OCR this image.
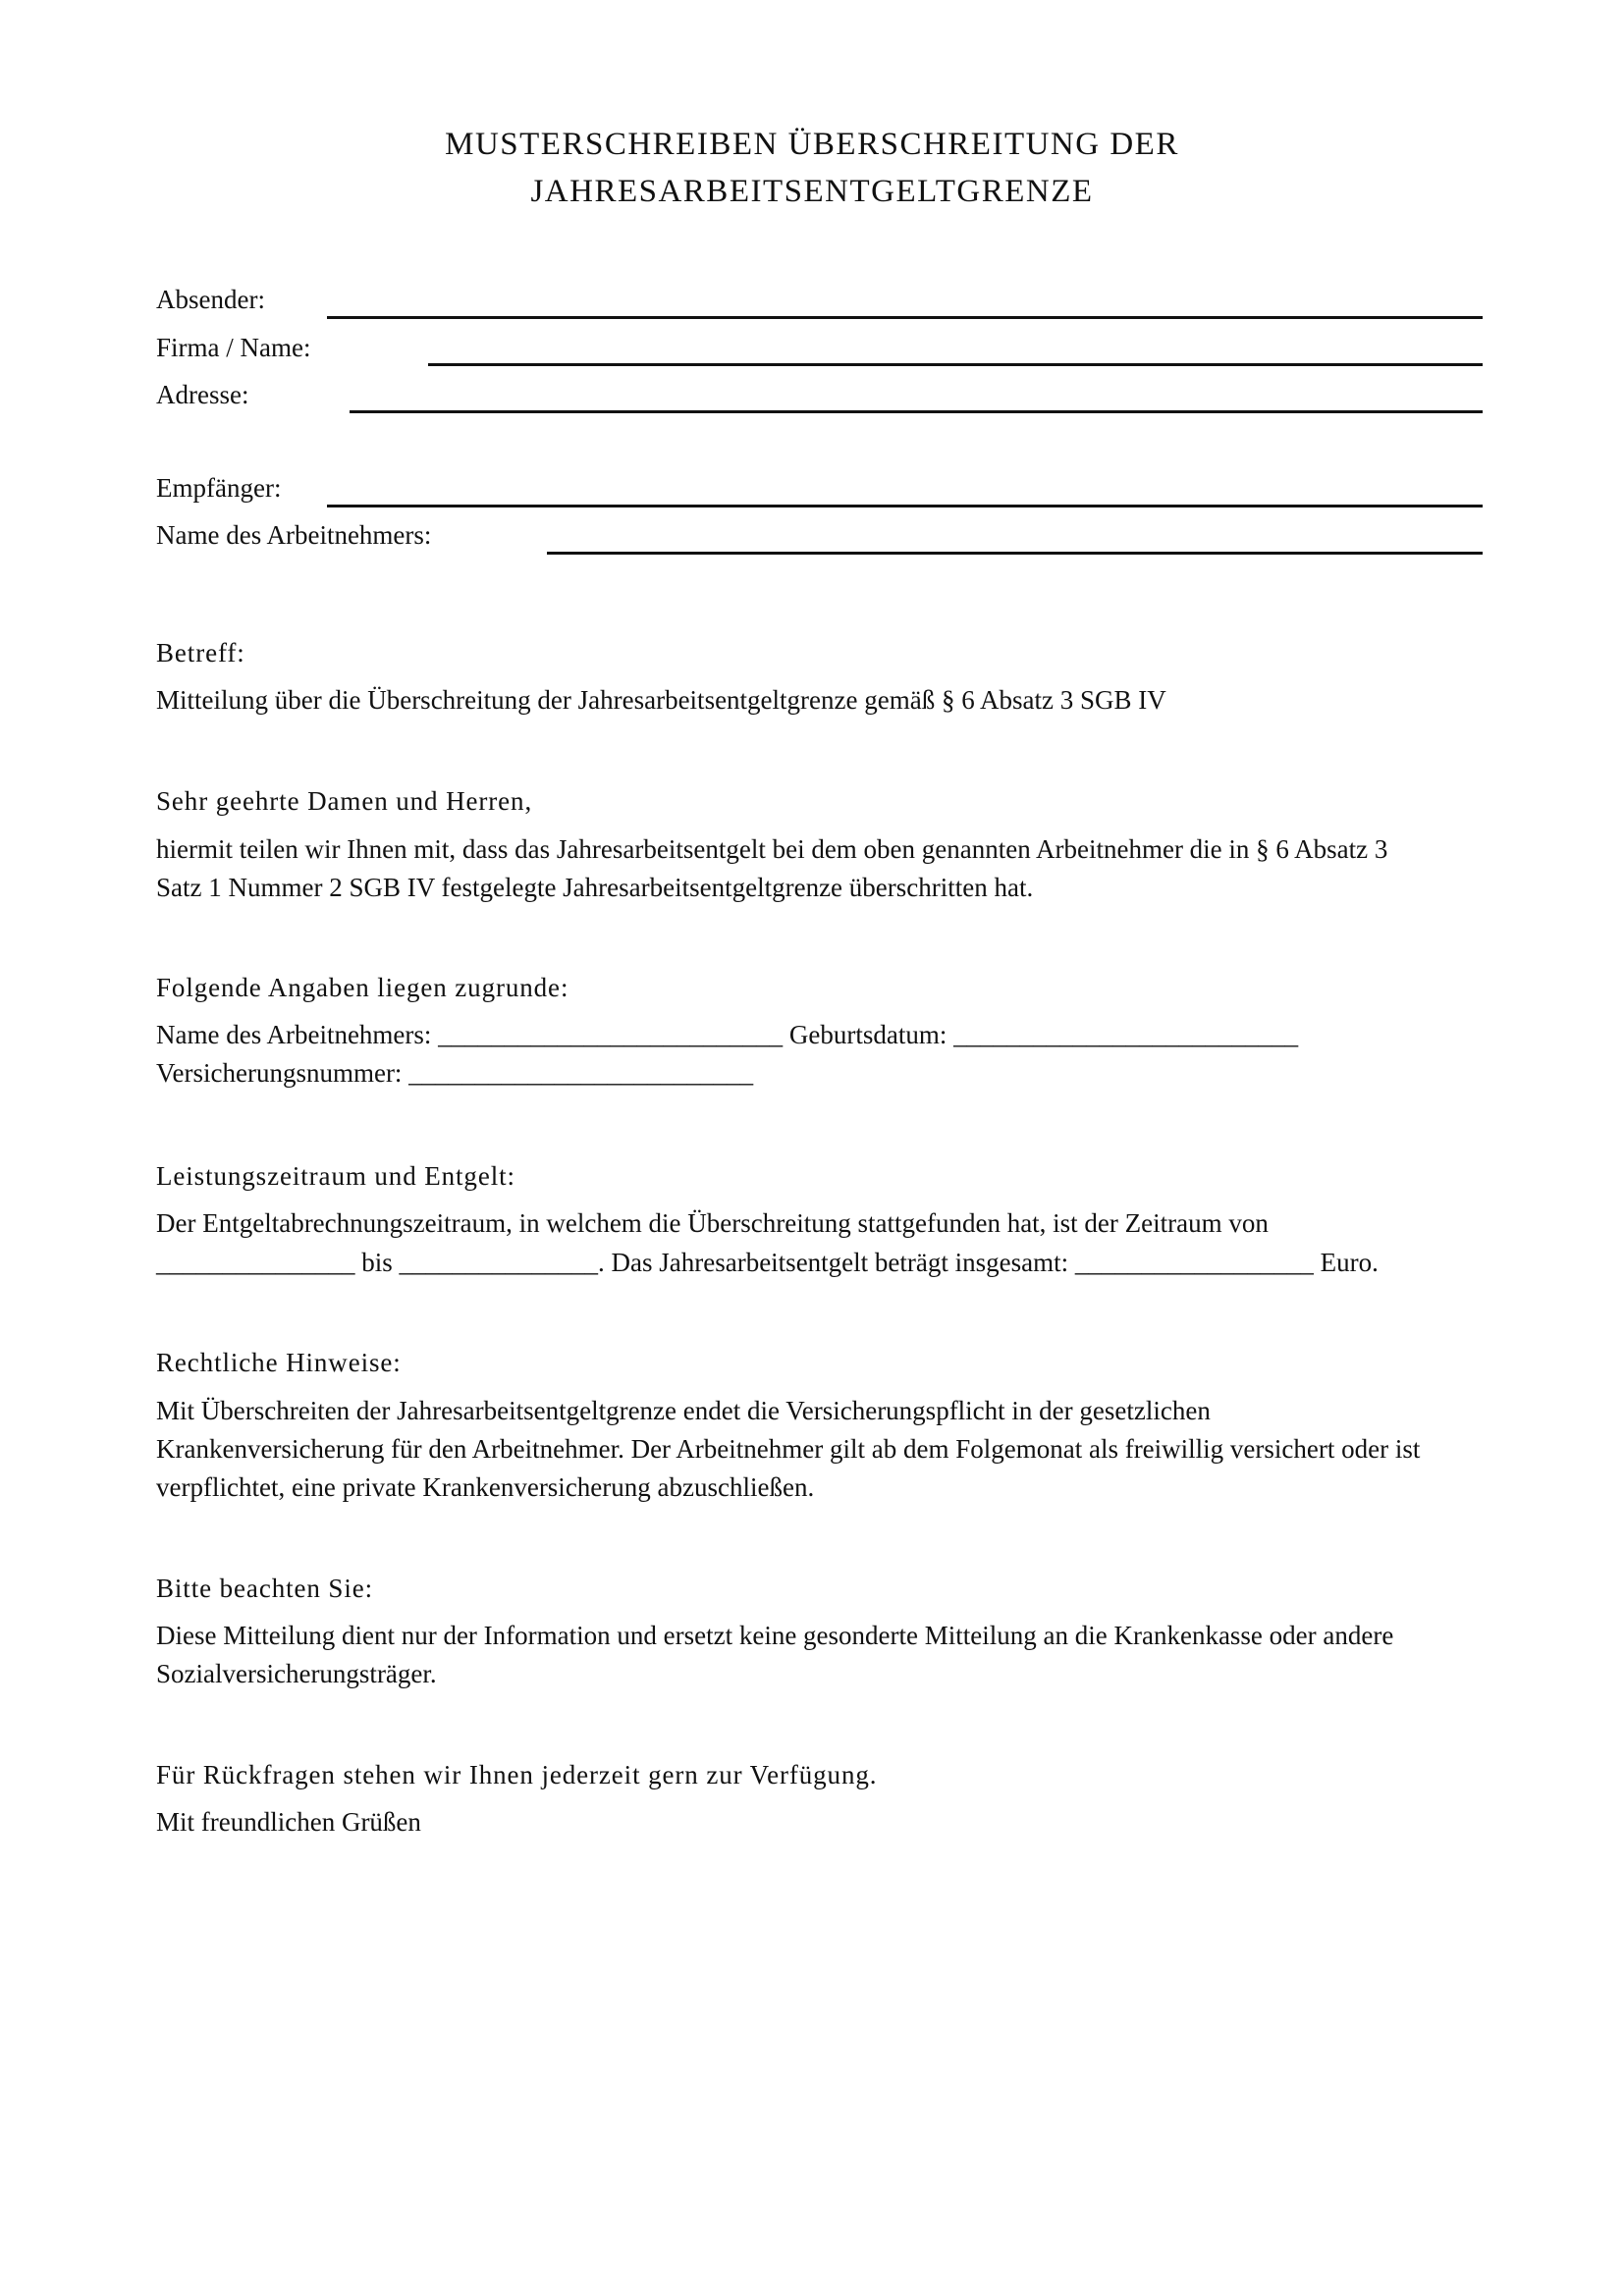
MUSTERSCHREIBEN ÜBERSCHREITUNG DER
JAHRESARBEITSENTGELTGRENZE
Absender:
Firma / Name:
Adresse:
Empfänger:
Name des Arbeitnehmers:
Betreff:
Mitteilung über die Überschreitung der Jahresarbeitsentgeltgrenze gemäß § 6 Absatz 3 SGB IV
Sehr geehrte Damen und Herren,
hiermit teilen wir Ihnen mit, dass das Jahresarbeitsentgelt bei dem oben genannten Arbeitnehmer die in § 6 Absatz 3
Satz 1 Nummer 2 SGB IV festgelegte Jahresarbeitsentgeltgrenze überschritten hat.
Folgende Angaben liegen zugrunde:
Name des Arbeitnehmers: __________________________ Geburtsdatum: __________________________
Versicherungsnummer: __________________________
Leistungszeitraum und Entgelt:
Der Entgeltabrechnungszeitraum, in welchem die Überschreitung stattgefunden hat, ist der Zeitraum von
_______________ bis _______________. Das Jahresarbeitsentgelt beträgt insgesamt: __________________ Euro.
Rechtliche Hinweise:
Mit Überschreiten der Jahresarbeitsentgeltgrenze endet die Versicherungspflicht in der gesetzlichen
Krankenversicherung für den Arbeitnehmer. Der Arbeitnehmer gilt ab dem Folgemonat als freiwillig versichert oder ist
verpflichtet, eine private Krankenversicherung abzuschließen.
Bitte beachten Sie:
Diese Mitteilung dient nur der Information und ersetzt keine gesonderte Mitteilung an die Krankenkasse oder andere
Sozialversicherungsträger.
Für Rückfragen stehen wir Ihnen jederzeit gern zur Verfügung.
Mit freundlichen Grüßen
